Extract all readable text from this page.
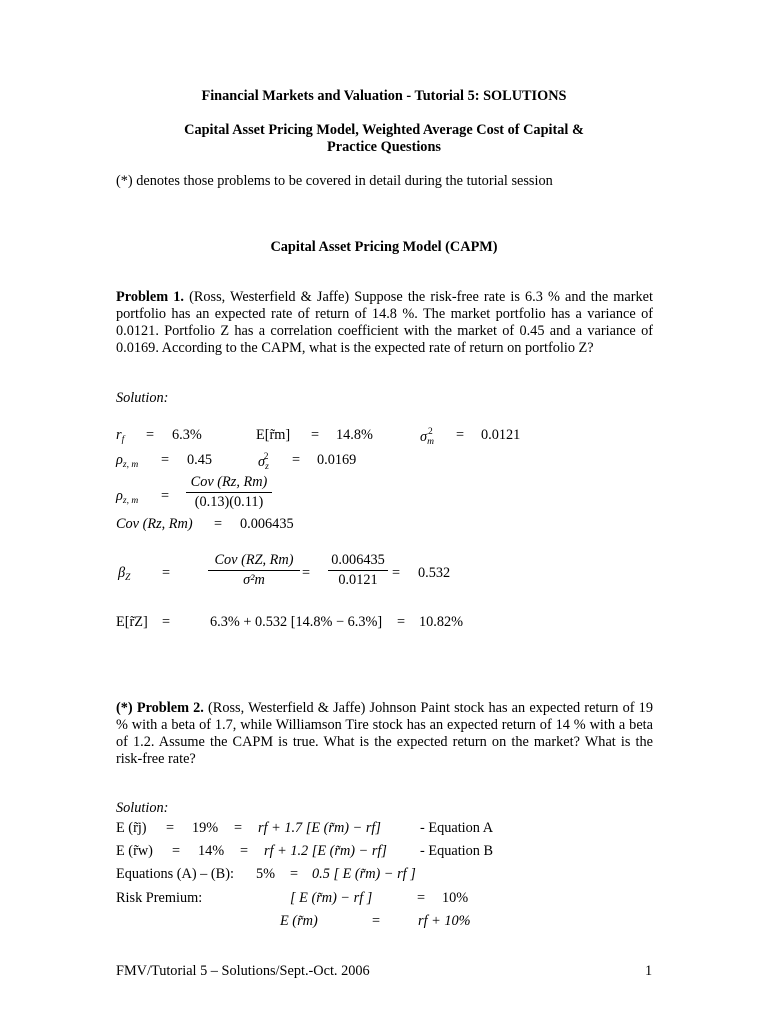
Financial Markets and Valuation - Tutorial 5: SOLUTIONS
Capital Asset Pricing Model, Weighted Average Cost of Capital &
Practice Questions
(*) denotes those problems to be covered in detail during the tutorial session
Capital Asset Pricing Model (CAPM)
Problem 1. (Ross, Westerfield & Jaffe) Suppose the risk-free rate is 6.3 % and the market portfolio has an expected rate of return of 14.8 %. The market portfolio has a variance of 0.0121. Portfolio Z has a correlation coefficient with the market of 0.45 and a variance of 0.0169. According to the CAPM, what is the expected rate of return on portfolio Z?
Solution:
$r_f = 6.3\%$	E[r̃m] = 14.8%	$\sigma_m^2 = 0.0121$
$\rho_{z, m} = 0.45$	$\sigma_z^2 = 0.0169$
$\rho_{z, m}$ =
Cov (Rz, Rm)
(0.13)(0.11)
Cov (Rz, Rm) = 0.006435
$\beta_Z$ =
Cov (RZ, Rm)
σ²m	= $\frac{0.006435}{0.0121} = 0.532$
E[r̃Z] =	6.3% + 0.532 [14.8% − 6.3%] = 10.82%
(*) Problem 2. (Ross, Westerfield & Jaffe) Johnson Paint stock has an expected return of 19 % with a beta of 1.7, while Williamson Tire stock has an expected return of 14 % with a beta of 1.2. Assume the CAPM is true. What is the expected return on the market? What is the risk-free rate?
Solution:
E (r̃j) = 19% = rf + 1.7 [E (r̃m) − rf]	- Equation A
E (r̃w) = 14% = rf + 1.2 [E (r̃m) − rf] - Equation B
Equations (A) – (B): 5% = 0.5 [ E (r̃m) − rf ]
Risk Premium:	[ E (r̃m) − rf ]	= 10%
E (r̃m)	=	rf + 10%
FMV/Tutorial 5 – Solutions/Sept.-Oct. 2006	1
